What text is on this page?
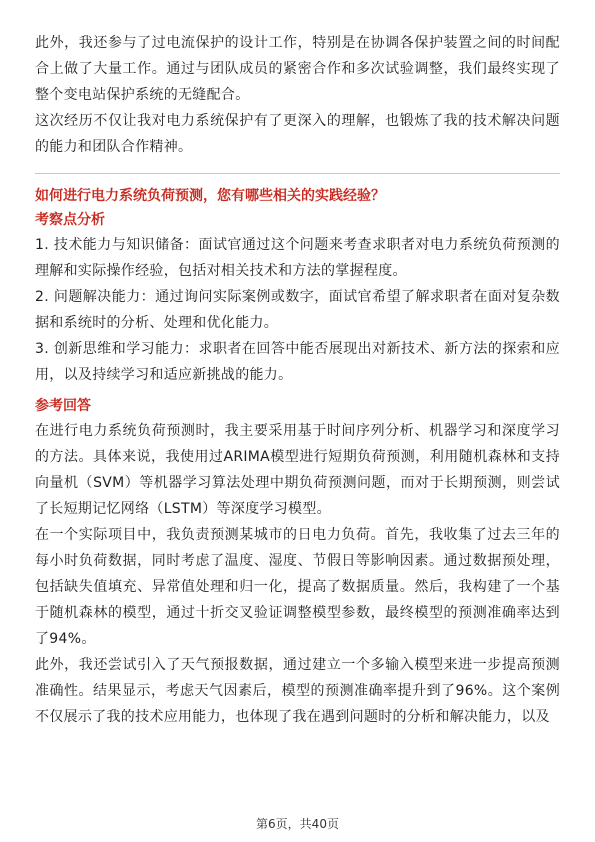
此外，我还参与了过电流保护的设计工作，特别是在协调各保护装置之间的时间配合上做了大量工作。通过与团队成员的紧密合作和多次试验调整，我们最终实现了整个变电站保护系统的无缝配合。

这次经历不仅让我对电力系统保护有了更深入的理解，也锻炼了我的技术解决问题的能力和团队合作精神。

如何进行电力系统负荷预测，您有哪些相关的实践经验？

考察点分析

1. 技术能力与知识储备：面试官通过这个问题来考查求职者对电力系统负荷预测的理解和实际操作经验，包括对相关技术和方法的掌握程度。

2. 问题解决能力：通过询问实际案例或数字，面试官希望了解求职者在面对复杂数据和系统时的分析、处理和优化能力。

3. 创新思维和学习能力：求职者在回答中能否展现出对新技术、新方法的探索和应用，以及持续学习和适应新挑战的能力。

参考回答

在进行电力系统负荷预测时，我主要采用基于时间序列分析、机器学习和深度学习的方法。具体来说，我使用过ARIMA模型进行短期负荷预测，利用随机森林和支持向量机（SVM）等机器学习算法处理中期负荷预测问题，而对于长期预测，则尝试了长短期记忆网络（LSTM）等深度学习模型。

在一个实际项目中，我负责预测某城市的日电力负荷。首先，我收集了过去三年的每小时负荷数据，同时考虑了温度、湿度、节假日等影响因素。通过数据预处理，包括缺失值填充、异常值处理和归一化，提高了数据质量。然后，我构建了一个基于随机森林的模型，通过十折交叉验证调整模型参数，最终模型的预测准确率达到了94%。

此外，我还尝试引入了天气预报数据，通过建立一个多输入模型来进一步提高预测准确性。结果显示，考虑天气因素后，模型的预测准确率提升到了96%。这个案例不仅展示了我的技术应用能力，也体现了我在遇到问题时的分析和解决能力，以及

第6页，共40页
